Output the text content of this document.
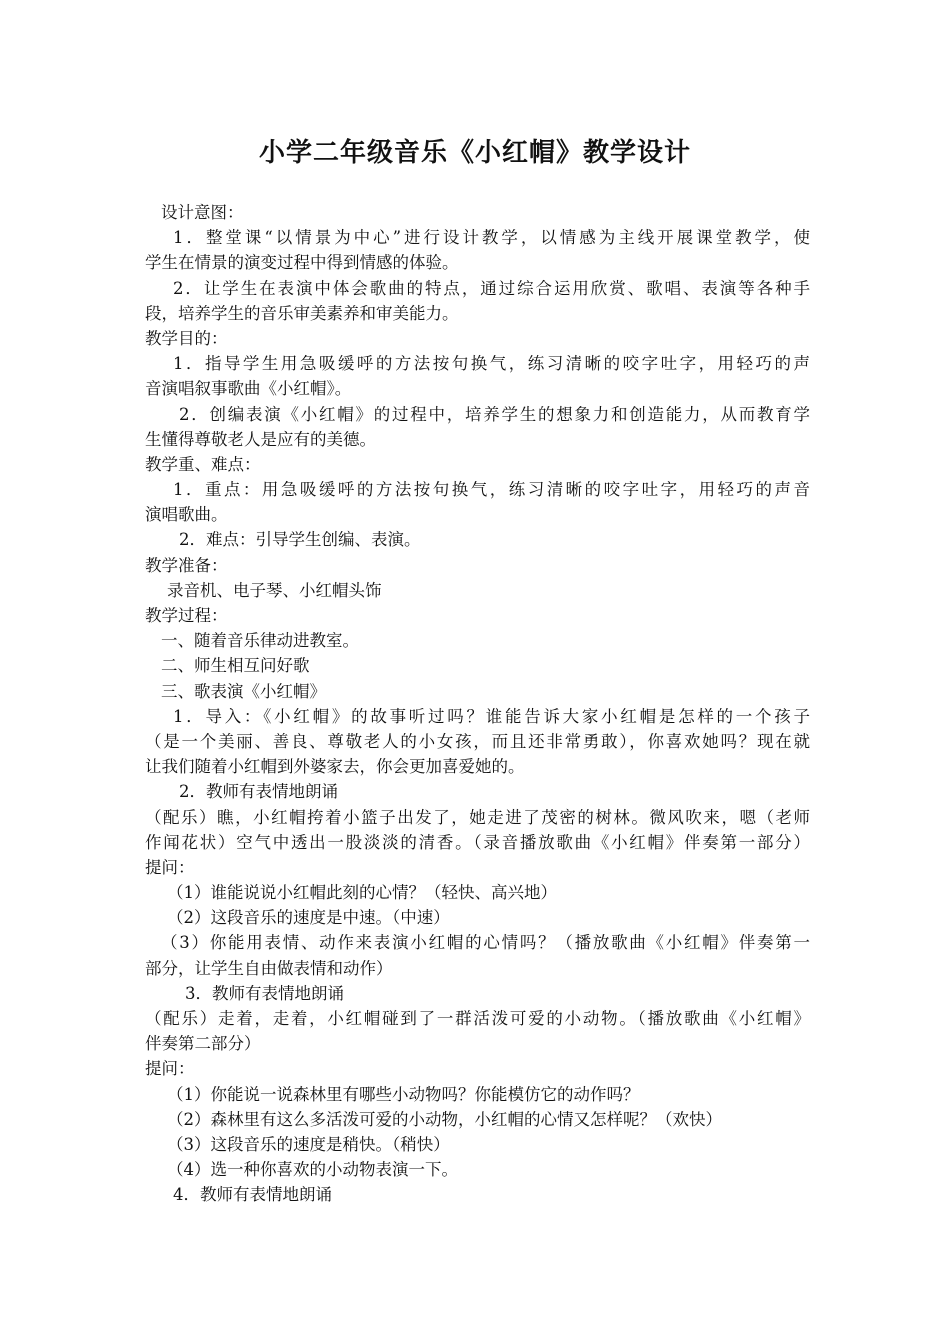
小学二年级音乐《小红帽》教学设计
设计意图：
1．整堂课“以情景为中心”进行设计教学，以情感为主线开展课堂教学，使
学生在情景的演变过程中得到情感的体验。
2．让学生在表演中体会歌曲的特点，通过综合运用欣赏、歌唱、表演等各种手
段，培养学生的音乐审美素养和审美能力。
教学目的：
1．指导学生用急吸缓呼的方法按句换气，练习清晰的咬字吐字，用轻巧的声
音演唱叙事歌曲《小红帽》。
2．创编表演《小红帽》的过程中，培养学生的想象力和创造能力，从而教育学
生懂得尊敬老人是应有的美德。
教学重、难点：
1．重点：用急吸缓呼的方法按句换气，练习清晰的咬字吐字，用轻巧的声音
演唱歌曲。
2．难点：引导学生创编、表演。
教学准备：
录音机、电子琴、小红帽头饰
教学过程：
一、随着音乐律动进教室。
二、师生相互问好歌
三、歌表演《小红帽》
1．导入：《小红帽》的故事听过吗？谁能告诉大家小红帽是怎样的一个孩子
（是一个美丽、善良、尊敬老人的小女孩，而且还非常勇敢），你喜欢她吗？现在就
让我们随着小红帽到外婆家去，你会更加喜爱她的。
2．教师有表情地朗诵
（配乐）瞧，小红帽挎着小篮子出发了，她走进了茂密的树林。微风吹来，嗯（老师
作闻花状）空气中透出一股淡淡的清香。（录音播放歌曲《小红帽》伴奏第一部分）
提问：
（1）谁能说说小红帽此刻的心情？（轻快、高兴地）
（2）这段音乐的速度是中速。（中速）
（3）你能用表情、动作来表演小红帽的心情吗？（播放歌曲《小红帽》伴奏第一
部分，让学生自由做表情和动作）
3．教师有表情地朗诵
（配乐）走着，走着，小红帽碰到了一群活泼可爱的小动物。（播放歌曲《小红帽》
伴奏第二部分）
提问：
（1）你能说一说森林里有哪些小动物吗？你能模仿它的动作吗？
（2）森林里有这么多活泼可爱的小动物，小红帽的心情又怎样呢？（欢快）
（3）这段音乐的速度是稍快。（稍快）
（4）选一种你喜欢的小动物表演一下。
4．教师有表情地朗诵
